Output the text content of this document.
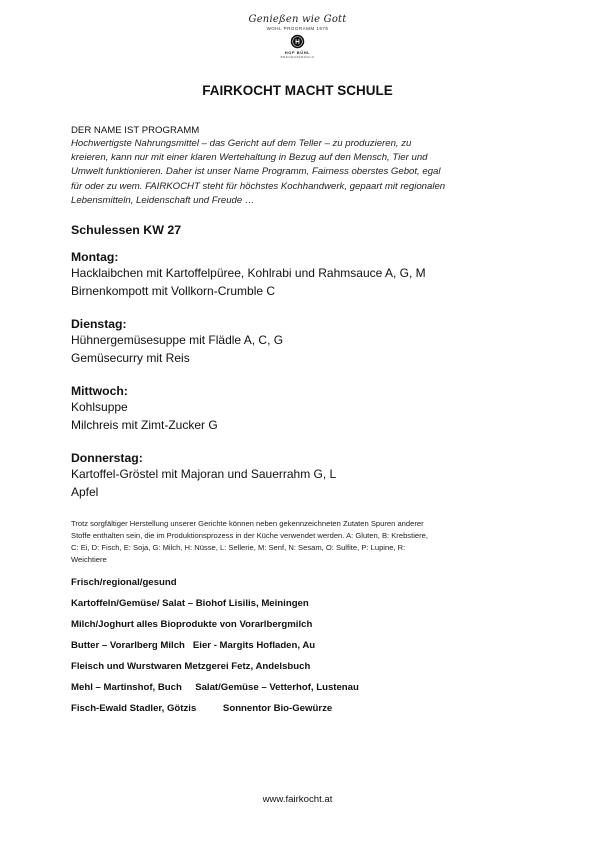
Genießen wie Gott
WOHL PROGRAMM 1975
HOF BÜHL
BREGENZERWALD
FAIRKOCHT MACHT SCHULE
DER NAME IST PROGRAMM
Hochwertigste Nahrungsmittel – das Gericht auf dem Teller – zu produzieren, zu
kreieren, kann nur mit einer klaren Wertehaltung in Bezug auf den Mensch, Tier und
Umwelt funktionieren. Daher ist unser Name Programm, Fairness oberstes Gebot, egal
für oder zu wem. FAIRKOCHT steht für höchstes Kochhandwerk, gepaart mit regionalen
Lebensmitteln, Leidenschaft und Freude …
Schulessen KW 27
Montag:
Hacklaibchen mit Kartoffelpüree, Kohlrabi und Rahmsauce A, G, M
Birnenkompott mit Vollkorn-Crumble C
Dienstag:
Hühnergemüsesuppe mit Flädle A, C, G
Gemüsecurry mit Reis
Mittwoch:
Kohlsuppe
Milchreis mit Zimt-Zucker G
Donnerstag:
Kartoffel-Gröstel mit Majoran und Sauerrahm G, L
Apfel
Trotz sorgfältiger Herstellung unserer Gerichte können neben gekennzeichneten Zutaten Spuren anderer
Stoffe enthalten sein, die im Produktionsprozess in der Küche verwendet werden. A: Gluten, B: Krebstiere,
C: Ei, D: Fisch, E: Soja, G: Milch, H: Nüsse, L: Sellerie, M: Senf, N: Sesam, O: Sulfite, P: Lupine, R:
Weichtiere
Frisch/regional/gesund
Kartoffeln/Gemüse/ Salat – Biohof Lisilis, Meiningen
Milch/Joghurt alles Bioprodukte von Vorarlbergmilch
Butter – Vorarlberg Milch   Eier - Margits Hofladen, Au
Fleisch und Wurstwaren Metzgerei Fetz, Andelsbuch
Mehl – Martinshof, Buch     Salat/Gemüse – Vetterhof, Lustenau
Fisch-Ewald Stadler, Götzis          Sonnentor Bio-Gewürze
www.fairkocht.at
